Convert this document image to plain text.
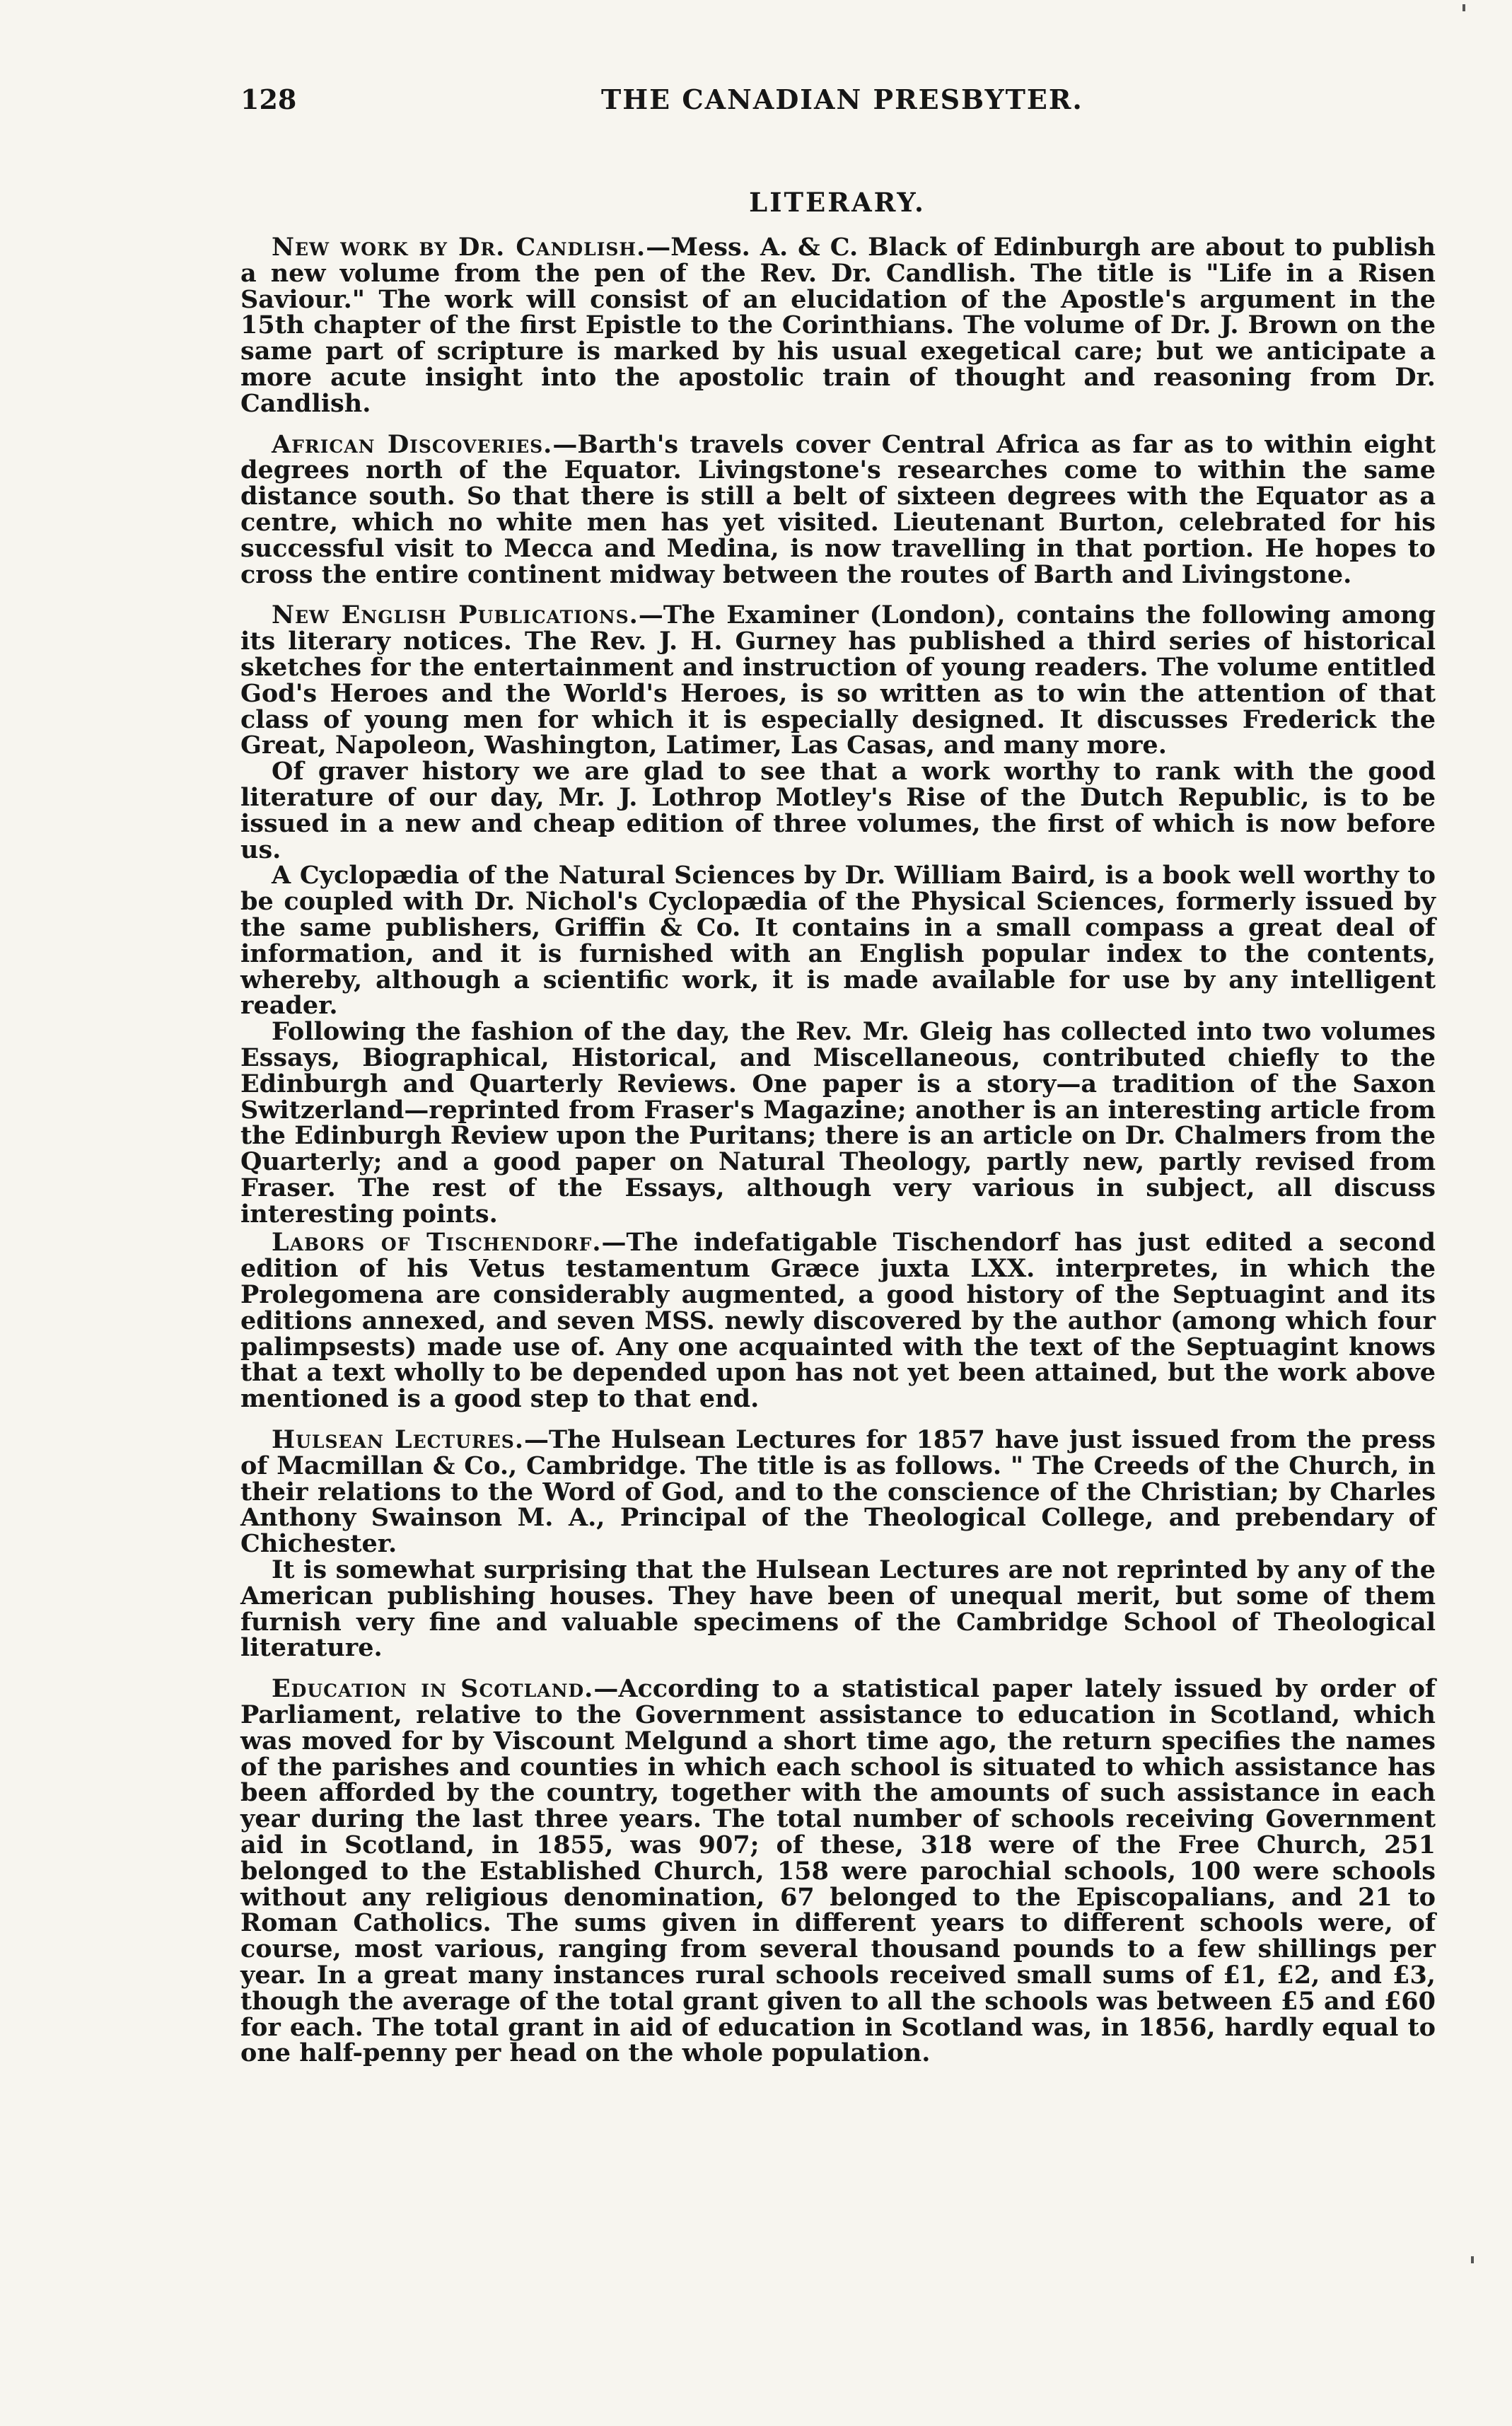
128	THE CANADIAN PRESBYTER.
LITERARY.

New work by Dr. Candlish.—Mess. A. & C. Black of Edinburgh are about to publish a new volume from the pen of the Rev. Dr. Candlish. The title is "Life in a Risen Saviour." The work will consist of an elucidation of the Apostle's argument in the 15th chapter of the first Epistle to the Corinthians. The volume of Dr. J. Brown on the same part of scripture is marked by his usual exegetical care; but we anticipate a more acute insight into the apostolic train of thought and reasoning from Dr. Candlish.

African Discoveries.—Barth's travels cover Central Africa as far as to within eight degrees north of the Equator. Livingstone's researches come to within the same distance south. So that there is still a belt of sixteen degrees with the Equator as a centre, which no white men has yet visited. Lieutenant Burton, celebrated for his successful visit to Mecca and Medina, is now travelling in that portion. He hopes to cross the entire continent midway between the routes of Barth and Livingstone.

New English Publications.—The Examiner (London), contains the following among its literary notices. The Rev. J. H. Gurney has published a third series of historical sketches for the entertainment and instruction of young readers. The volume entitled God's Heroes and the World's Heroes, is so written as to win the attention of that class of young men for which it is especially designed. It discusses Frederick the Great, Napoleon, Washington, Latimer, Las Casas, and many more.

Of graver history we are glad to see that a work worthy to rank with the good literature of our day, Mr. J. Lothrop Motley's Rise of the Dutch Republic, is to be issued in a new and cheap edition of three volumes, the first of which is now before us.

A Cyclopædia of the Natural Sciences by Dr. William Baird, is a book well worthy to be coupled with Dr. Nichol's Cyclopædia of the Physical Sciences, formerly issued by the same publishers, Griffin & Co. It contains in a small compass a great deal of information, and it is furnished with an English popular index to the contents, whereby, although a scientific work, it is made available for use by any intelligent reader.

Following the fashion of the day, the Rev. Mr. Gleig has collected into two volumes Essays, Biographical, Historical, and Miscellaneous, contributed chiefly to the Edinburgh and Quarterly Reviews. One paper is a story—a tradition of the Saxon Switzerland—reprinted from Fraser's Magazine; another is an interesting article from the Edinburgh Review upon the Puritans; there is an article on Dr. Chalmers from the Quarterly; and a good paper on Natural Theology, partly new, partly revised from Fraser. The rest of the Essays, although very various in subject, all discuss interesting points.

Labors of Tischendorf.—The indefatigable Tischendorf has just edited a second edition of his Vetus testamentum Græce juxta LXX. interpretes, in which the Prolegomena are considerably augmented, a good history of the Septuagint and its editions annexed, and seven MSS. newly discovered by the author (among which four palimpsests) made use of. Any one acquainted with the text of the Septuagint knows that a text wholly to be depended upon has not yet been attained, but the work above mentioned is a good step to that end.

Hulsean Lectures.—The Hulsean Lectures for 1857 have just issued from the press of Macmillan & Co., Cambridge. The title is as follows. " The Creeds of the Church, in their relations to the Word of God, and to the conscience of the Christian; by Charles Anthony Swainson M. A., Principal of the Theological College, and prebendary of Chichester.

It is somewhat surprising that the Hulsean Lectures are not reprinted by any of the American publishing houses. They have been of unequal merit, but some of them furnish very fine and valuable specimens of the Cambridge School of Theological literature.

Education in Scotland.—According to a statistical paper lately issued by order of Parliament, relative to the Government assistance to education in Scotland, which was moved for by Viscount Melgund a short time ago, the return specifies the names of the parishes and counties in which each school is situated to which assistance has been afforded by the country, together with the amounts of such assistance in each year during the last three years. The total number of schools receiving Government aid in Scotland, in 1855, was 907; of these, 318 were of the Free Church, 251 belonged to the Established Church, 158 were parochial schools, 100 were schools without any religious denomination, 67 belonged to the Episcopalians, and 21 to Roman Catholics. The sums given in different years to different schools were, of course, most various, ranging from several thousand pounds to a few shillings per year. In a great many instances rural schools received small sums of £1, £2, and £3, though the average of the total grant given to all the schools was between £5 and £60 for each. The total grant in aid of education in Scotland was, in 1856, hardly equal to one half-penny per head on the whole population.
